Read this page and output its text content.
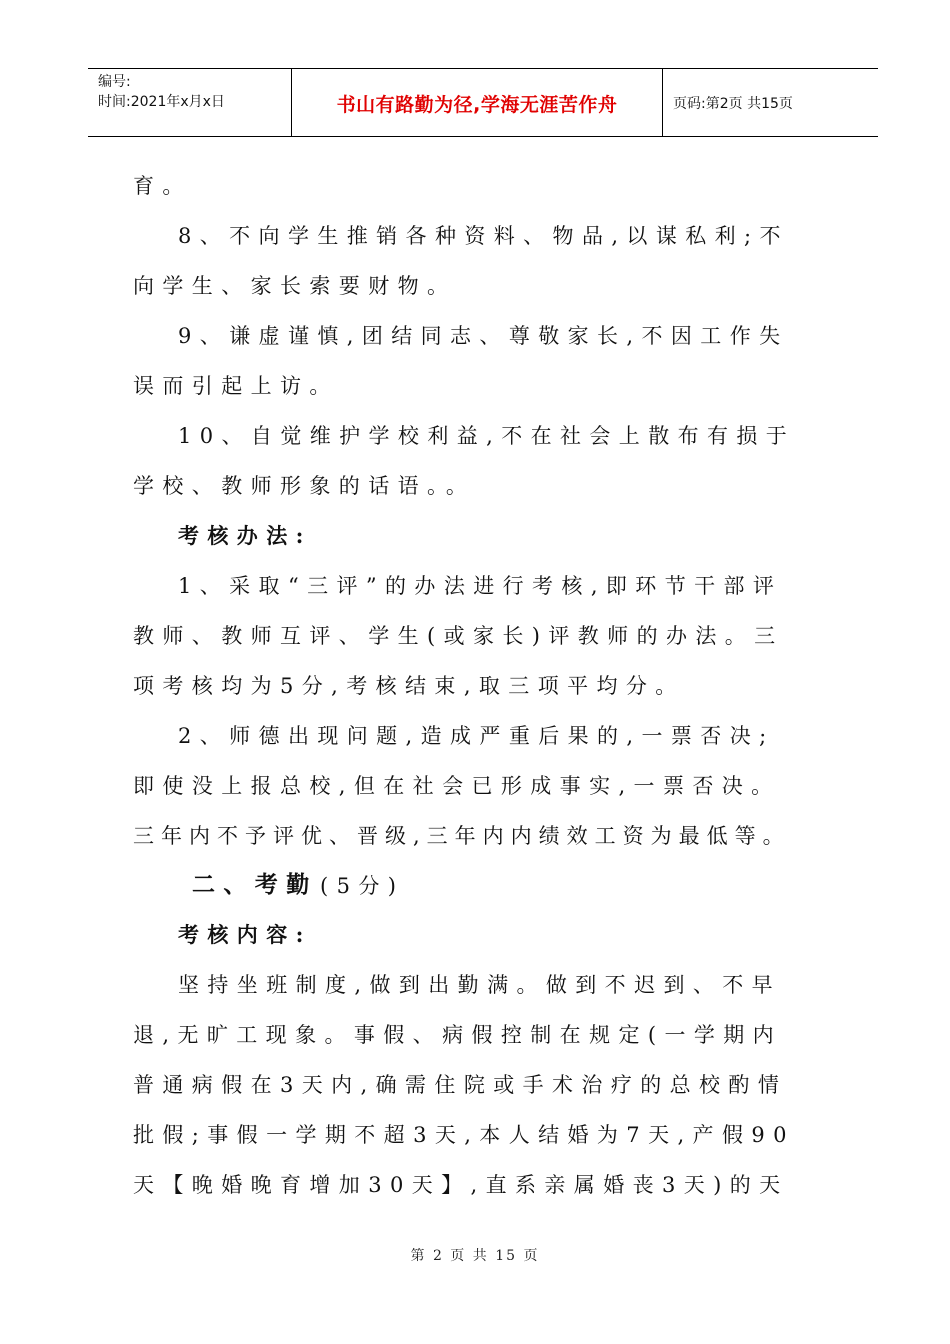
编号:
时间:2021年x月x日	书山有路勤为径,学海无涯苦作舟	页码:第2页 共15页
育。
8、不向学生推销各种资料、物品,以谋私利;不
向学生、家长索要财物。
9、谦虚谨慎,团结同志、尊敬家长,不因工作失
误而引起上访。
10、自觉维护学校利益,不在社会上散布有损于
学校、教师形象的话语。。
考核办法:
1、采取“三评”的办法进行考核,即环节干部评
教师、教师互评、学生(或家长)评教师的办法。三
项考核均为5分,考核结束,取三项平均分。
2、师德出现问题,造成严重后果的,一票否决;
即使没上报总校,但在社会已形成事实,一票否决。
三年内不予评优、晋级,三年内内绩效工资为最低等。
二、考勤 (5分)
考核内容:
坚持坐班制度,做到出勤满。做到不迟到、不早
退,无旷工现象。事假、病假控制在规定(一学期内
普通病假在3天内,确需住院或手术治疗的总校酌情
批假;事假一学期不超3天,本人结婚为7天,产假90
天【晚婚晚育增加30天】,直系亲属婚丧3天)的天
第 2 页 共 15 页
